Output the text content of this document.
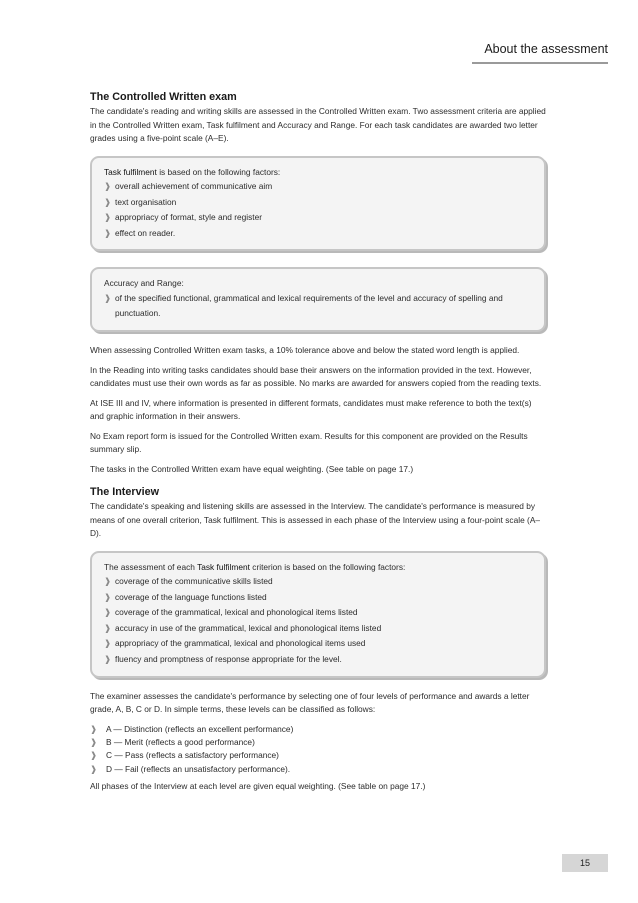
About the assessment
The Controlled Written exam

The candidate's reading and writing skills are assessed in the Controlled Written exam. Two assessment criteria are applied in the Controlled Written exam, Task fulfilment and Accuracy and Range. For each task candidates are awarded two letter grades using a five-point scale (A–E).

Task fulfilment is based on the following factors:

❱ overall achievement of communicative aim
❱ text organisation
❱ appropriacy of format, style and register
❱ effect on reader.

Accuracy and Range:

❱ of the specified functional, grammatical and lexical requirements of the level and accuracy of spelling and punctuation.

When assessing Controlled Written exam tasks, a 10% tolerance above and below the stated word length is applied.

In the Reading into writing tasks candidates should base their answers on the information provided in the text. However, candidates must use their own words as far as possible. No marks are awarded for answers copied from the reading texts.

At ISE III and IV, where information is presented in different formats, candidates must make reference to both the text(s) and graphic information in their answers.

No Exam report form is issued for the Controlled Written exam. Results for this component are provided on the Results summary slip.

The tasks in the Controlled Written exam have equal weighting. (See table on page 17.)

The Interview

The candidate's speaking and listening skills are assessed in the Interview. The candidate's performance is measured by means of one overall criterion, Task fulfilment. This is assessed in each phase of the Interview using a four-point scale (A–D).

The assessment of each Task fulfilment criterion is based on the following factors:

❱ coverage of the communicative skills listed
❱ coverage of the language functions listed
❱ coverage of the grammatical, lexical and phonological items listed
❱ accuracy in use of the grammatical, lexical and phonological items listed
❱ appropriacy of the grammatical, lexical and phonological items used
❱ fluency and promptness of response appropriate for the level.

The examiner assesses the candidate's performance by selecting one of four levels of performance and awards a letter grade, A, B, C or D. In simple terms, these levels can be classified as follows:

❱ A — Distinction (reflects an excellent performance)
❱ B — Merit (reflects a good performance)
❱ C — Pass (reflects a satisfactory performance)
❱ D — Fail (reflects an unsatisfactory performance).

All phases of the Interview at each level are given equal weighting. (See table on page 17.)

15
